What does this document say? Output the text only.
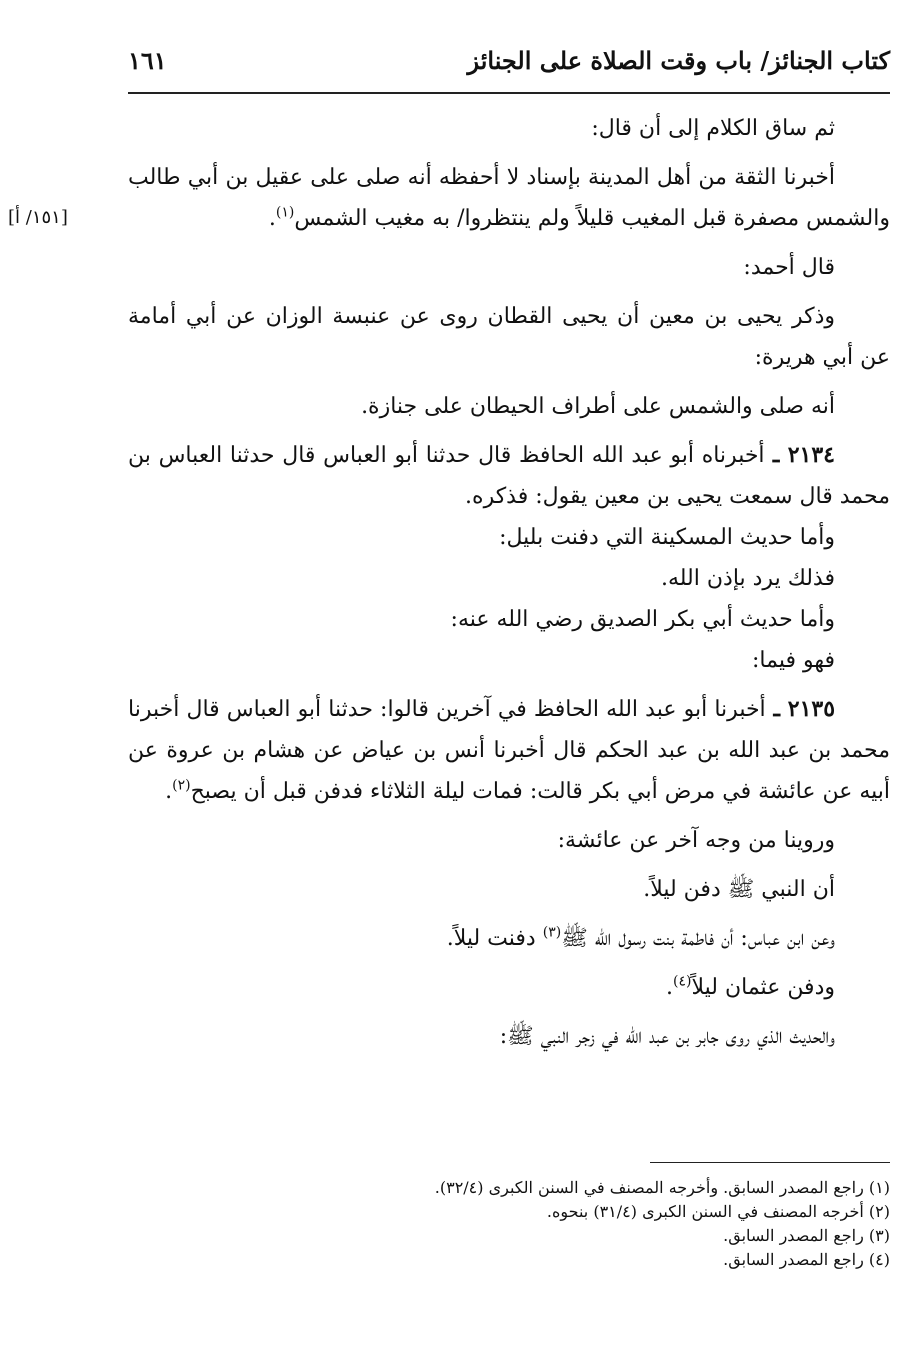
كتاب الجنائز/ باب وقت الصلاة على الجنائز
١٦١
[١٥١/ أ]

ثم ساق الكلام إلى أن قال:

أخبرنا الثقة من أهل المدينة بإسناد لا أحفظه أنه صلى على عقيل بن أبي طالب والشمس مصفرة قبل المغيب قليلاً ولم ينتظروا/ به مغيب الشمس$^{(١)}$.

قال أحمد:

وذكر يحيى بن معين أن يحيى القطان روى عن عنبسة الوزان عن أبي أمامة عن أبي هريرة:

أنه صلى والشمس على أطراف الحيطان على جنازة.

٢١٣٤ ـ أخبرناه أبو عبد الله الحافظ قال حدثنا أبو العباس قال حدثنا العباس بن محمد قال سمعت يحيى بن معين يقول: فذكره.

وأما حديث المسكينة التي دفنت بليل:

فذلك يرد بإذن الله.

وأما حديث أبي بكر الصديق رضي الله عنه:

فهو فيما:

٢١٣٥ ـ أخبرنا أبو عبد الله الحافظ في آخرين قالوا: حدثنا أبو العباس قال أخبرنا محمد بن عبد الله بن عبد الحكم قال أخبرنا أنس بن عياض عن هشام بن عروة عن أبيه عن عائشة في مرض أبي بكر قالت: فمات ليلة الثلاثاء فدفن قبل أن يصبح$^{(٢)}$.

وروينا من وجه آخر عن عائشة:

أن النبي ﷺ دفن ليلاً.

وعن ابن عباس: أن فاطمة بنت رسول الله ﷺ$^{(٣)}$ دفنت ليلاً.

ودفن عثمان ليلاً$^{(٤)}$.

والحديث الذي روى جابر بن عبد الله في زجر النبي ﷺ:

(١) راجع المصدر السابق. وأخرجه المصنف في السنن الكبرى (٣٢/٤).

(٢) أخرجه المصنف في السنن الكبرى (٣١/٤) بنحوه.

(٣) راجع المصدر السابق.

(٤) راجع المصدر السابق.
